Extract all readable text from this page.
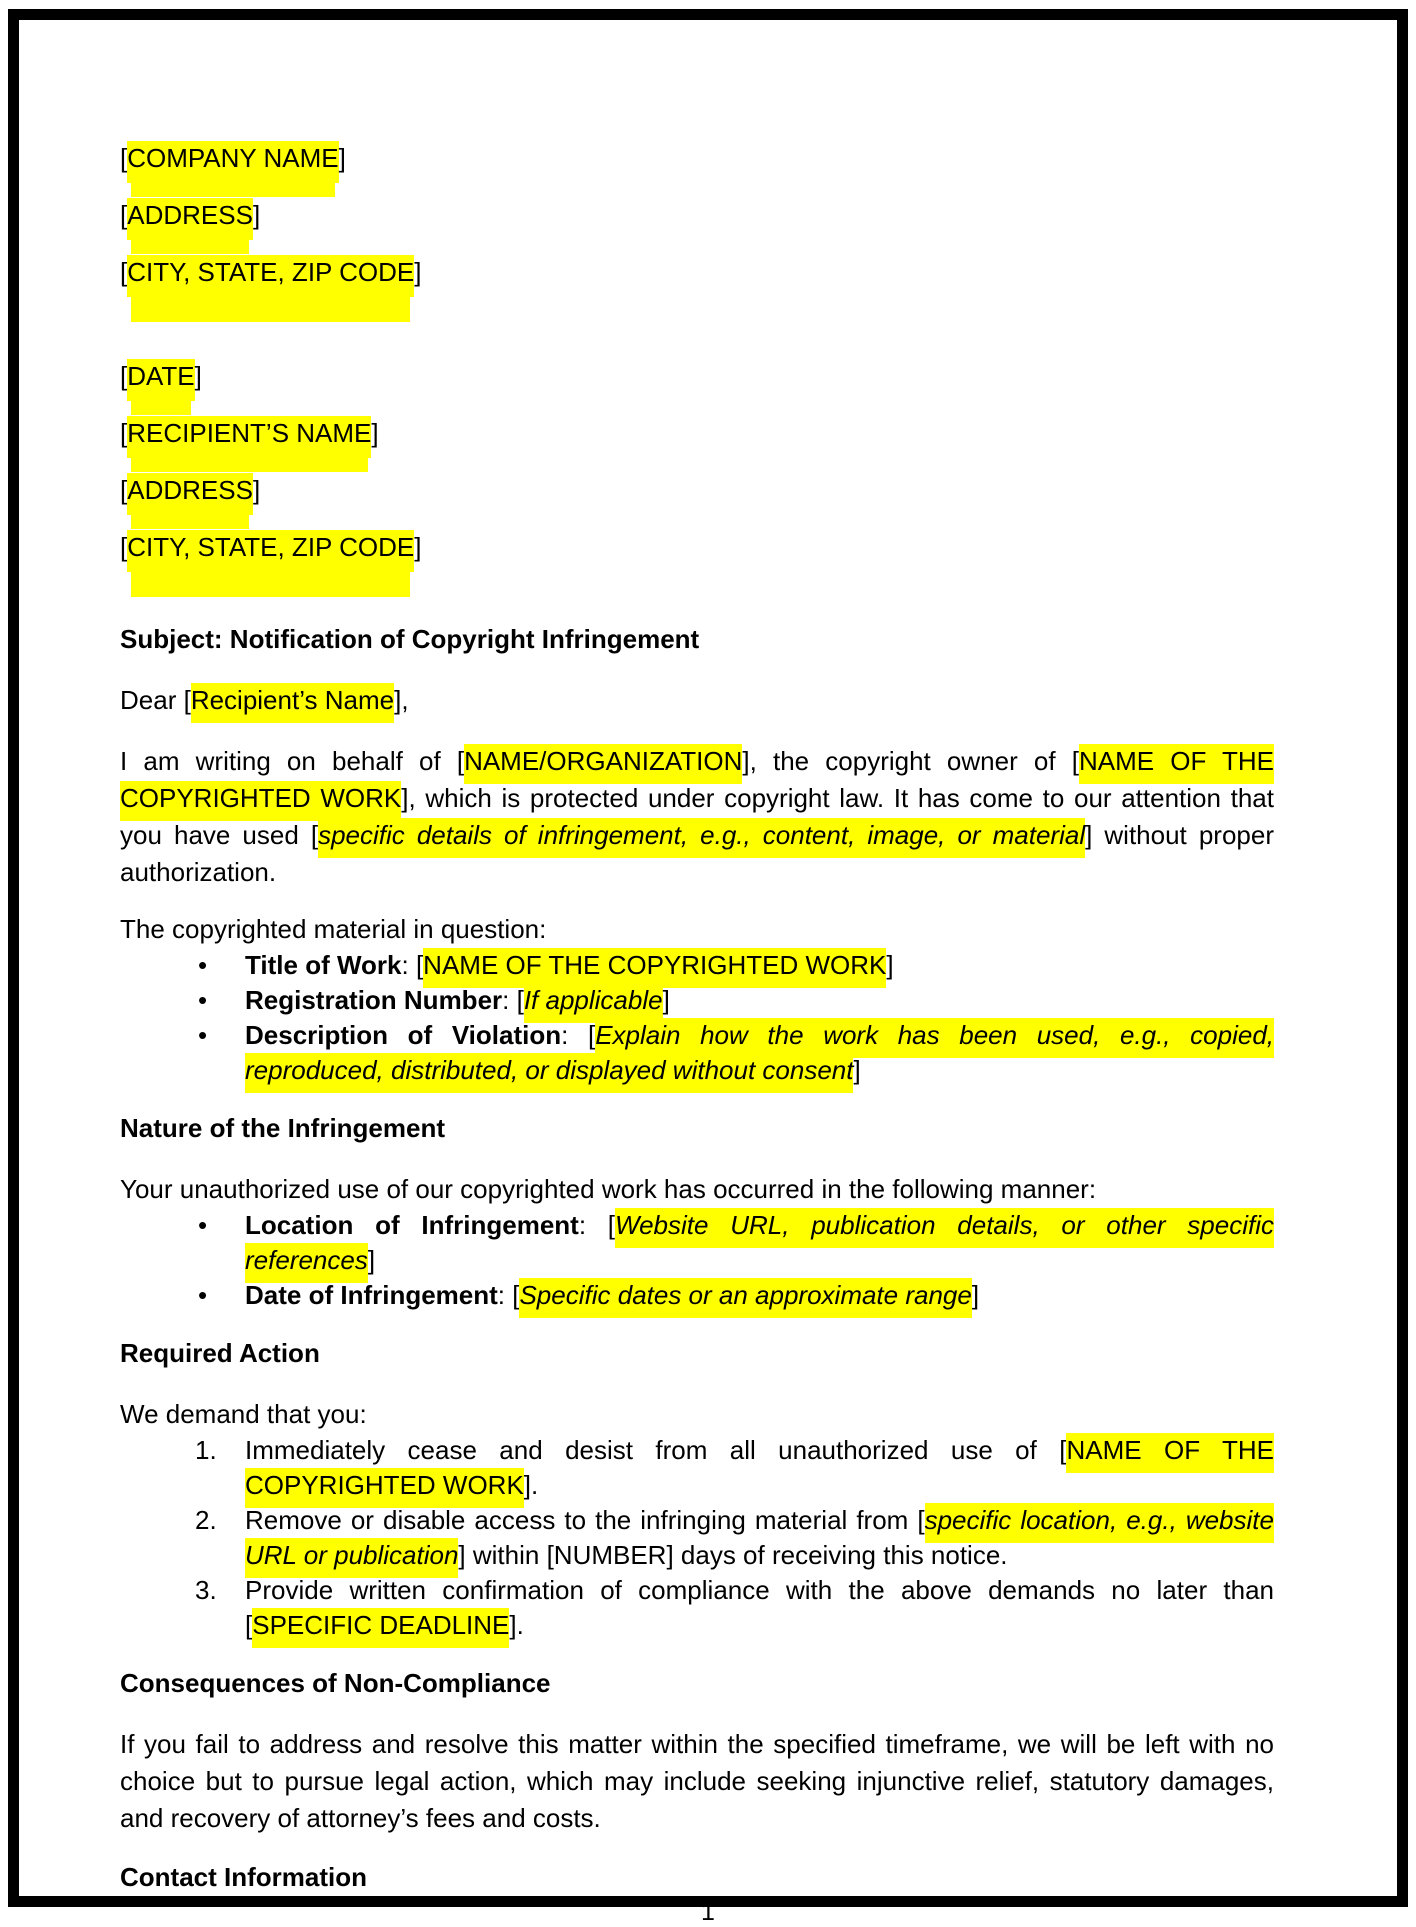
[COMPANY NAME]

[ADDRESS]

[CITY, STATE, ZIP CODE]

[DATE]

[RECIPIENT’S NAME]

[ADDRESS]

[CITY, STATE, ZIP CODE]

Subject: Notification of Copyright Infringement

Dear [Recipient’s Name],

I am writing on behalf of [NAME/ORGANIZATION], the copyright owner of [NAME OF THE COPYRIGHTED WORK], which is protected under copyright law. It has come to our attention that you have used [specific details of infringement, e.g., content, image, or material] without proper authorization.

The copyrighted material in question:

•	Title of Work: [NAME OF THE COPYRIGHTED WORK]
•	Registration Number: [If applicable]
•	Description of Violation: [Explain how the work has been used, e.g., copied, reproduced, distributed, or displayed without consent]

Nature of the Infringement

Your unauthorized use of our copyrighted work has occurred in the following manner:

•	Location of Infringement: [Website URL, publication details, or other specific references]
•	Date of Infringement: [Specific dates or an approximate range]

Required Action

We demand that you:

1.	Immediately cease and desist from all unauthorized use of [NAME OF THE COPYRIGHTED WORK].
2.	Remove or disable access to the infringing material from [specific location, e.g., website URL or publication] within [NUMBER] days of receiving this notice.
3.	Provide written confirmation of compliance with the above demands no later than [SPECIFIC DEADLINE].

Consequences of Non-Compliance

If you fail to address and resolve this matter within the specified timeframe, we will be left with no choice but to pursue legal action, which may include seeking injunctive relief, statutory damages, and recovery of attorney’s fees and costs.

Contact Information

1
